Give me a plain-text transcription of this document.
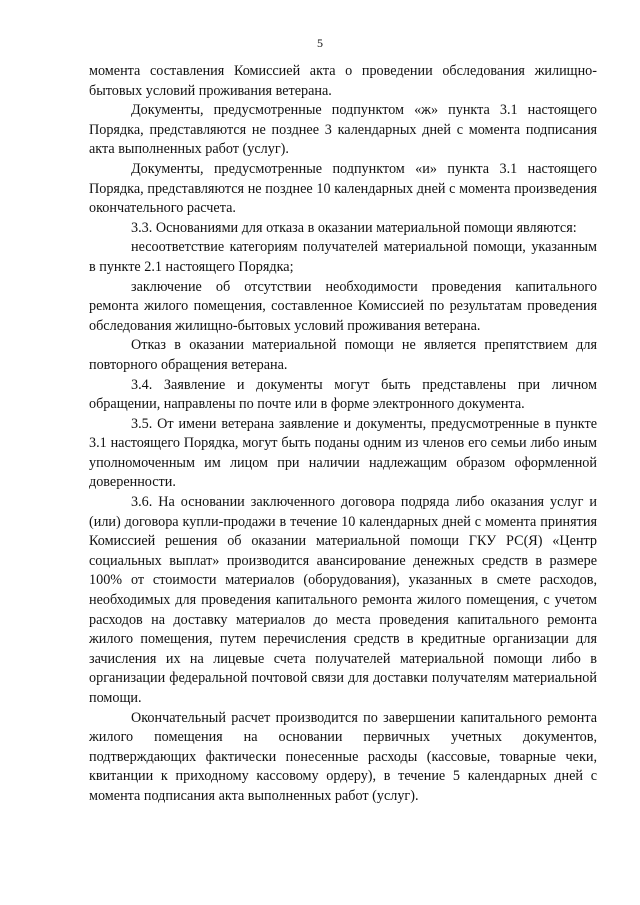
5

момента составления Комиссией акта о проведении обследования жилищно-бытовых условий проживания ветерана.

Документы, предусмотренные подпунктом «ж» пункта 3.1 настоящего Порядка, представляются не позднее 3 календарных дней с момента подписания акта выполненных работ (услуг).

Документы, предусмотренные подпунктом «и» пункта 3.1 настоящего Порядка, представляются не позднее 10 календарных дней с момента произведения окончательного расчета.

3.3. Основаниями для отказа в оказании материальной помощи являются:

несоответствие категориям получателей материальной помощи, указанным в пункте 2.1 настоящего Порядка;

заключение об отсутствии необходимости проведения капитального ремонта жилого помещения, составленное Комиссией по результатам проведения обследования жилищно-бытовых условий проживания ветерана.

Отказ в оказании материальной помощи не является препятствием для повторного обращения ветерана.

3.4. Заявление и документы могут быть представлены при личном обращении, направлены по почте или в форме электронного документа.

3.5. От имени ветерана заявление и документы, предусмотренные в пункте 3.1 настоящего Порядка, могут быть поданы одним из членов его семьи либо иным уполномоченным им лицом при наличии надлежащим образом оформленной доверенности.

3.6. На основании заключенного договора подряда либо оказания услуг и (или) договора купли-продажи в течение 10 календарных дней с момента принятия Комиссией решения об оказании материальной помощи ГКУ РС(Я) «Центр социальных выплат» производится авансирование денежных средств в размере 100% от стоимости материалов (оборудования), указанных в смете расходов, необходимых для проведения капитального ремонта жилого помещения, с учетом расходов на доставку материалов до места проведения капитального ремонта жилого помещения, путем перечисления средств в кредитные организации для зачисления их на лицевые счета получателей материальной помощи либо в организации федеральной почтовой связи для доставки получателям материальной помощи.

Окончательный расчет производится по завершении капитального ремонта жилого помещения на основании первичных учетных документов, подтверждающих фактически понесенные расходы (кассовые, товарные чеки, квитанции к приходному кассовому ордеру), в течение 5 календарных дней с момента подписания акта выполненных работ (услуг).
